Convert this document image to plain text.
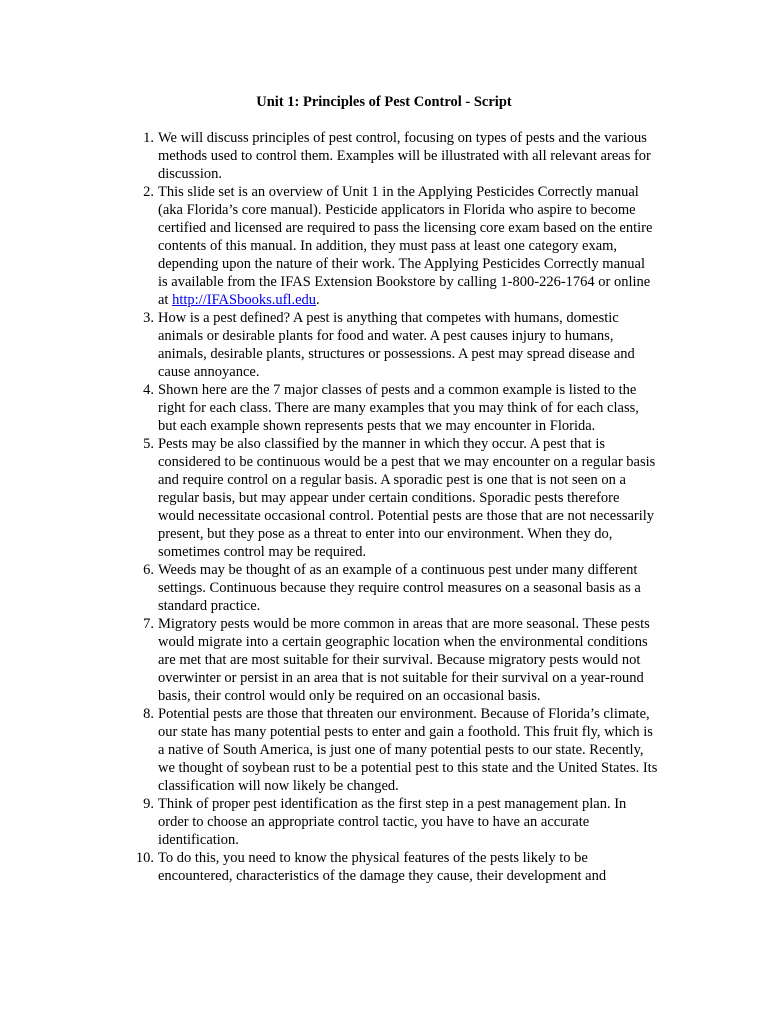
Unit 1: Principles of Pest Control - Script
1. We will discuss principles of pest control, focusing on types of pests and the various methods used to control them. Examples will be illustrated with all relevant areas for discussion.
2. This slide set is an overview of Unit 1 in the Applying Pesticides Correctly manual (aka Florida’s core manual). Pesticide applicators in Florida who aspire to become certified and licensed are required to pass the licensing core exam based on the entire contents of this manual. In addition, they must pass at least one category exam, depending upon the nature of their work. The Applying Pesticides Correctly manual is available from the IFAS Extension Bookstore by calling 1-800-226-1764 or online at http://IFASbooks.ufl.edu.
3. How is a pest defined? A pest is anything that competes with humans, domestic animals or desirable plants for food and water. A pest causes injury to humans, animals, desirable plants, structures or possessions. A pest may spread disease and cause annoyance.
4. Shown here are the 7 major classes of pests and a common example is listed to the right for each class. There are many examples that you may think of for each class, but each example shown represents pests that we may encounter in Florida.
5. Pests may be also classified by the manner in which they occur. A pest that is considered to be continuous would be a pest that we may encounter on a regular basis and require control on a regular basis. A sporadic pest is one that is not seen on a regular basis, but may appear under certain conditions. Sporadic pests therefore would necessitate occasional control. Potential pests are those that are not necessarily present, but they pose as a threat to enter into our environment. When they do, sometimes control may be required.
6. Weeds may be thought of as an example of a continuous pest under many different settings. Continuous because they require control measures on a seasonal basis as a standard practice.
7. Migratory pests would be more common in areas that are more seasonal. These pests would migrate into a certain geographic location when the environmental conditions are met that are most suitable for their survival. Because migratory pests would not overwinter or persist in an area that is not suitable for their survival on a year-round basis, their control would only be required on an occasional basis.
8. Potential pests are those that threaten our environment. Because of Florida’s climate, our state has many potential pests to enter and gain a foothold. This fruit fly, which is a native of South America, is just one of many potential pests to our state. Recently, we thought of soybean rust to be a potential pest to this state and the United States. Its classification will now likely be changed.
9. Think of proper pest identification as the first step in a pest management plan. In order to choose an appropriate control tactic, you have to have an accurate identification.
10. To do this, you need to know the physical features of the pests likely to be encountered, characteristics of the damage they cause, their development and
